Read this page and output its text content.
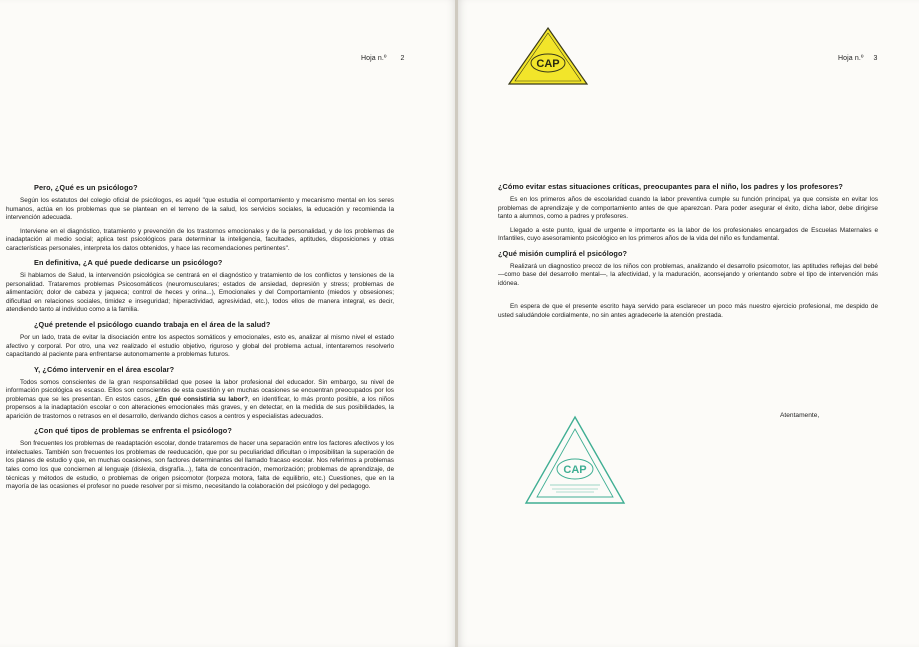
Hoja n.º 2
Pero, ¿Qué es un psicólogo?

Según los estatutos del colegio oficial de psicólogos, es aquél "que estudia el comportamiento y mecanismo mental en los seres humanos, actúa en los problemas que se plantean en el terreno de la salud, los servicios sociales, la educación y recomienda la intervención adecuada.

Interviene en el diagnóstico, tratamiento y prevención de los trastornos emocionales y de la personalidad, y de los problemas de inadaptación al medio social; aplica test psicológicos para determinar la inteligencia, facultades, aptitudes, disposiciones y otras características personales, interpreta los datos obtenidos, y hace las recomendaciones pertinentes".

En definitiva, ¿A qué puede dedicarse un psicólogo?

Si hablamos de Salud, la intervención psicológica se centrará en el diagnóstico y tratamiento de los conflictos y tensiones de la personalidad. Trataremos problemas Psicosomáticos (neuromusculares; estados de ansiedad, depresión y stress; problemas de alimentación; dolor de cabeza y jaqueca; control de heces y orina...), Emocionales y del Comportamiento (miedos y obsesiones; dificultad en relaciones sociales, timidez e inseguridad; hiperactividad, agresividad, etc.), todos ellos de manera integral, es decir, atendiendo tanto al individuo como a la familia.

¿Qué pretende el psicólogo cuando trabaja en el área de la salud?

Por un lado, trata de evitar la disociación entre los aspectos somáticos y emocionales, esto es, analizar al mismo nivel el estado afectivo y corporal. Por otro, una vez realizado el estudio objetivo, riguroso y global del problema actual, intentaremos resolverlo capacitando al paciente para enfrentarse autonomamente a problemas futuros.

Y, ¿Cómo intervenir en el área escolar?

Todos somos conscientes de la gran responsabilidad que posee la labor profesional del educador. Sin embargo, su nivel de información psicológica es escaso. Ellos son conscientes de esta cuestión y en muchas ocasiones se encuentran preocupados por los problemas que se les presentan. En estos casos, ¿En qué consistiría su labor?, en identificar, lo más pronto posible, a los niños propensos a la inadaptación escolar o con alteraciones emocionales más graves, y en detectar, en la medida de sus posibilidades, la aparición de trastornos o retrasos en el desarrollo, derivando dichos casos a centros y especialistas adecuados.

¿Con qué tipos de problemas se enfrenta el psicólogo?

Son frecuentes los problemas de readaptación escolar, donde trataremos de hacer una separación entre los factores afectivos y los intelectuales. También son frecuentes los problemas de reeducación, que por su peculiaridad dificultan o imposibilitan la superación de los planes de estudio y que, en muchas ocasiones, son factores determinantes del llamado fracaso escolar. Nos referimos a problemas tales como los que conciernen al lenguaje (dislexia, disgrafía...), falta de concentración, memorización; problemas de aprendizaje, de técnicas y métodos de estudio, o problemas de origen psicomotor (torpeza motora, falta de equilibrio, etc.) Cuestiones, que en la mayoría de las ocasiones el profesor no puede resolver por si mismo, necesitando la colaboración del psicólogo y del pedagogo.

CAP	Hoja n.º 3
¿Cómo evitar estas situaciones críticas, preocupantes para el niño, los padres y los profesores?

Es en los primeros años de escolaridad cuando la labor preventiva cumple su función principal, ya que consiste en evitar los problemas de aprendizaje y de comportamiento antes de que aparezcan. Para poder asegurar el éxito, dicha labor, debe dirigirse tanto a alumnos, como a padres y profesores.

Llegado a este punto, igual de urgente e importante es la labor de los profesionales encargados de Escuelas Maternales e Infantiles, cuyo asesoramiento psicológico en los primeros años de la vida del niño es fundamental.

¿Qué misión cumplirá el psicólogo?

Realizará un diagnostico precoz de los niños con problemas, analizando el desarrollo psicomotor, las aptitudes reflejas del bebé —como base del desarrollo mental—, la afectividad, y la maduración, aconsejando y orientando sobre el tipo de intervención más idónea.

En espera de que el presente escrito haya servido para esclarecer un poco más nuestro ejercicio profesional, me despido de usted saludándole cordialmente, no sin antes agradecerle la atención prestada.

Atentamente,
CAP
